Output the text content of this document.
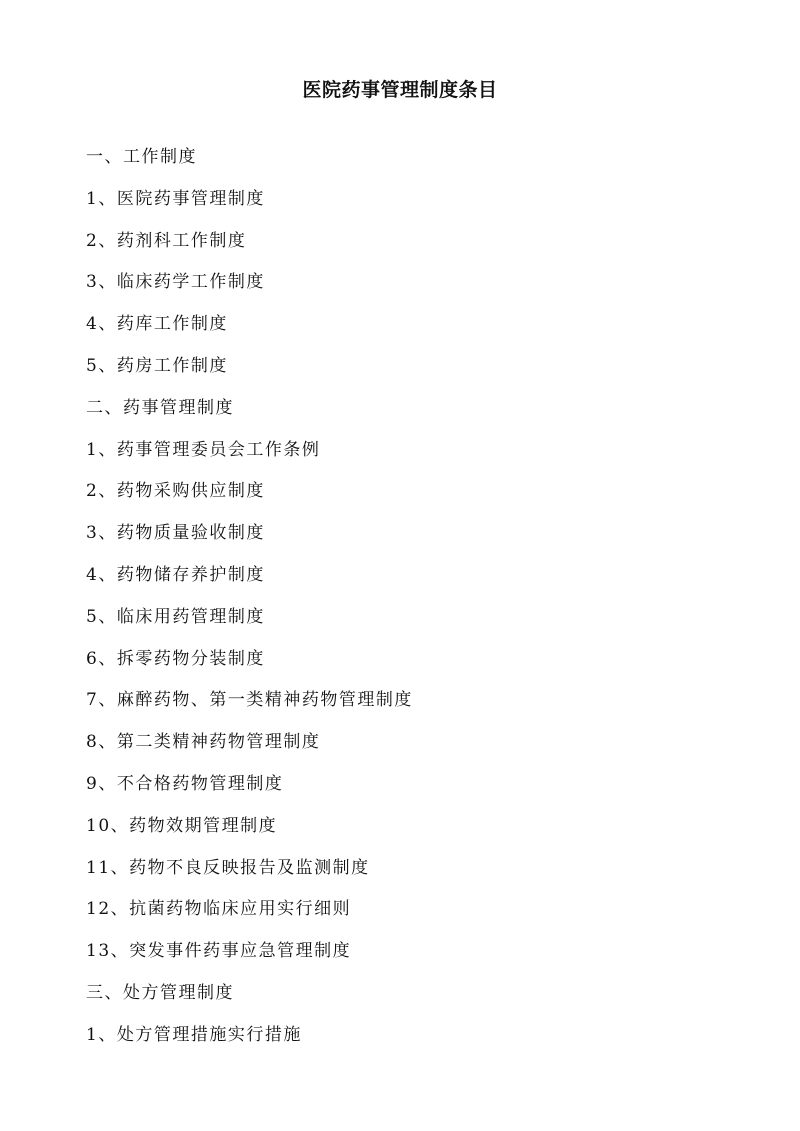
医院药事管理制度条目
一、工作制度
1、医院药事管理制度
2、药剂科工作制度
3、临床药学工作制度
4、药库工作制度
5、药房工作制度
二、药事管理制度
1、药事管理委员会工作条例
2、药物采购供应制度
3、药物质量验收制度
4、药物储存养护制度
5、临床用药管理制度
6、拆零药物分装制度
7、麻醉药物、第一类精神药物管理制度
8、第二类精神药物管理制度
9、不合格药物管理制度
10、药物效期管理制度
11、药物不良反映报告及监测制度
12、抗菌药物临床应用实行细则
13、突发事件药事应急管理制度
三、处方管理制度
1、处方管理措施实行措施
